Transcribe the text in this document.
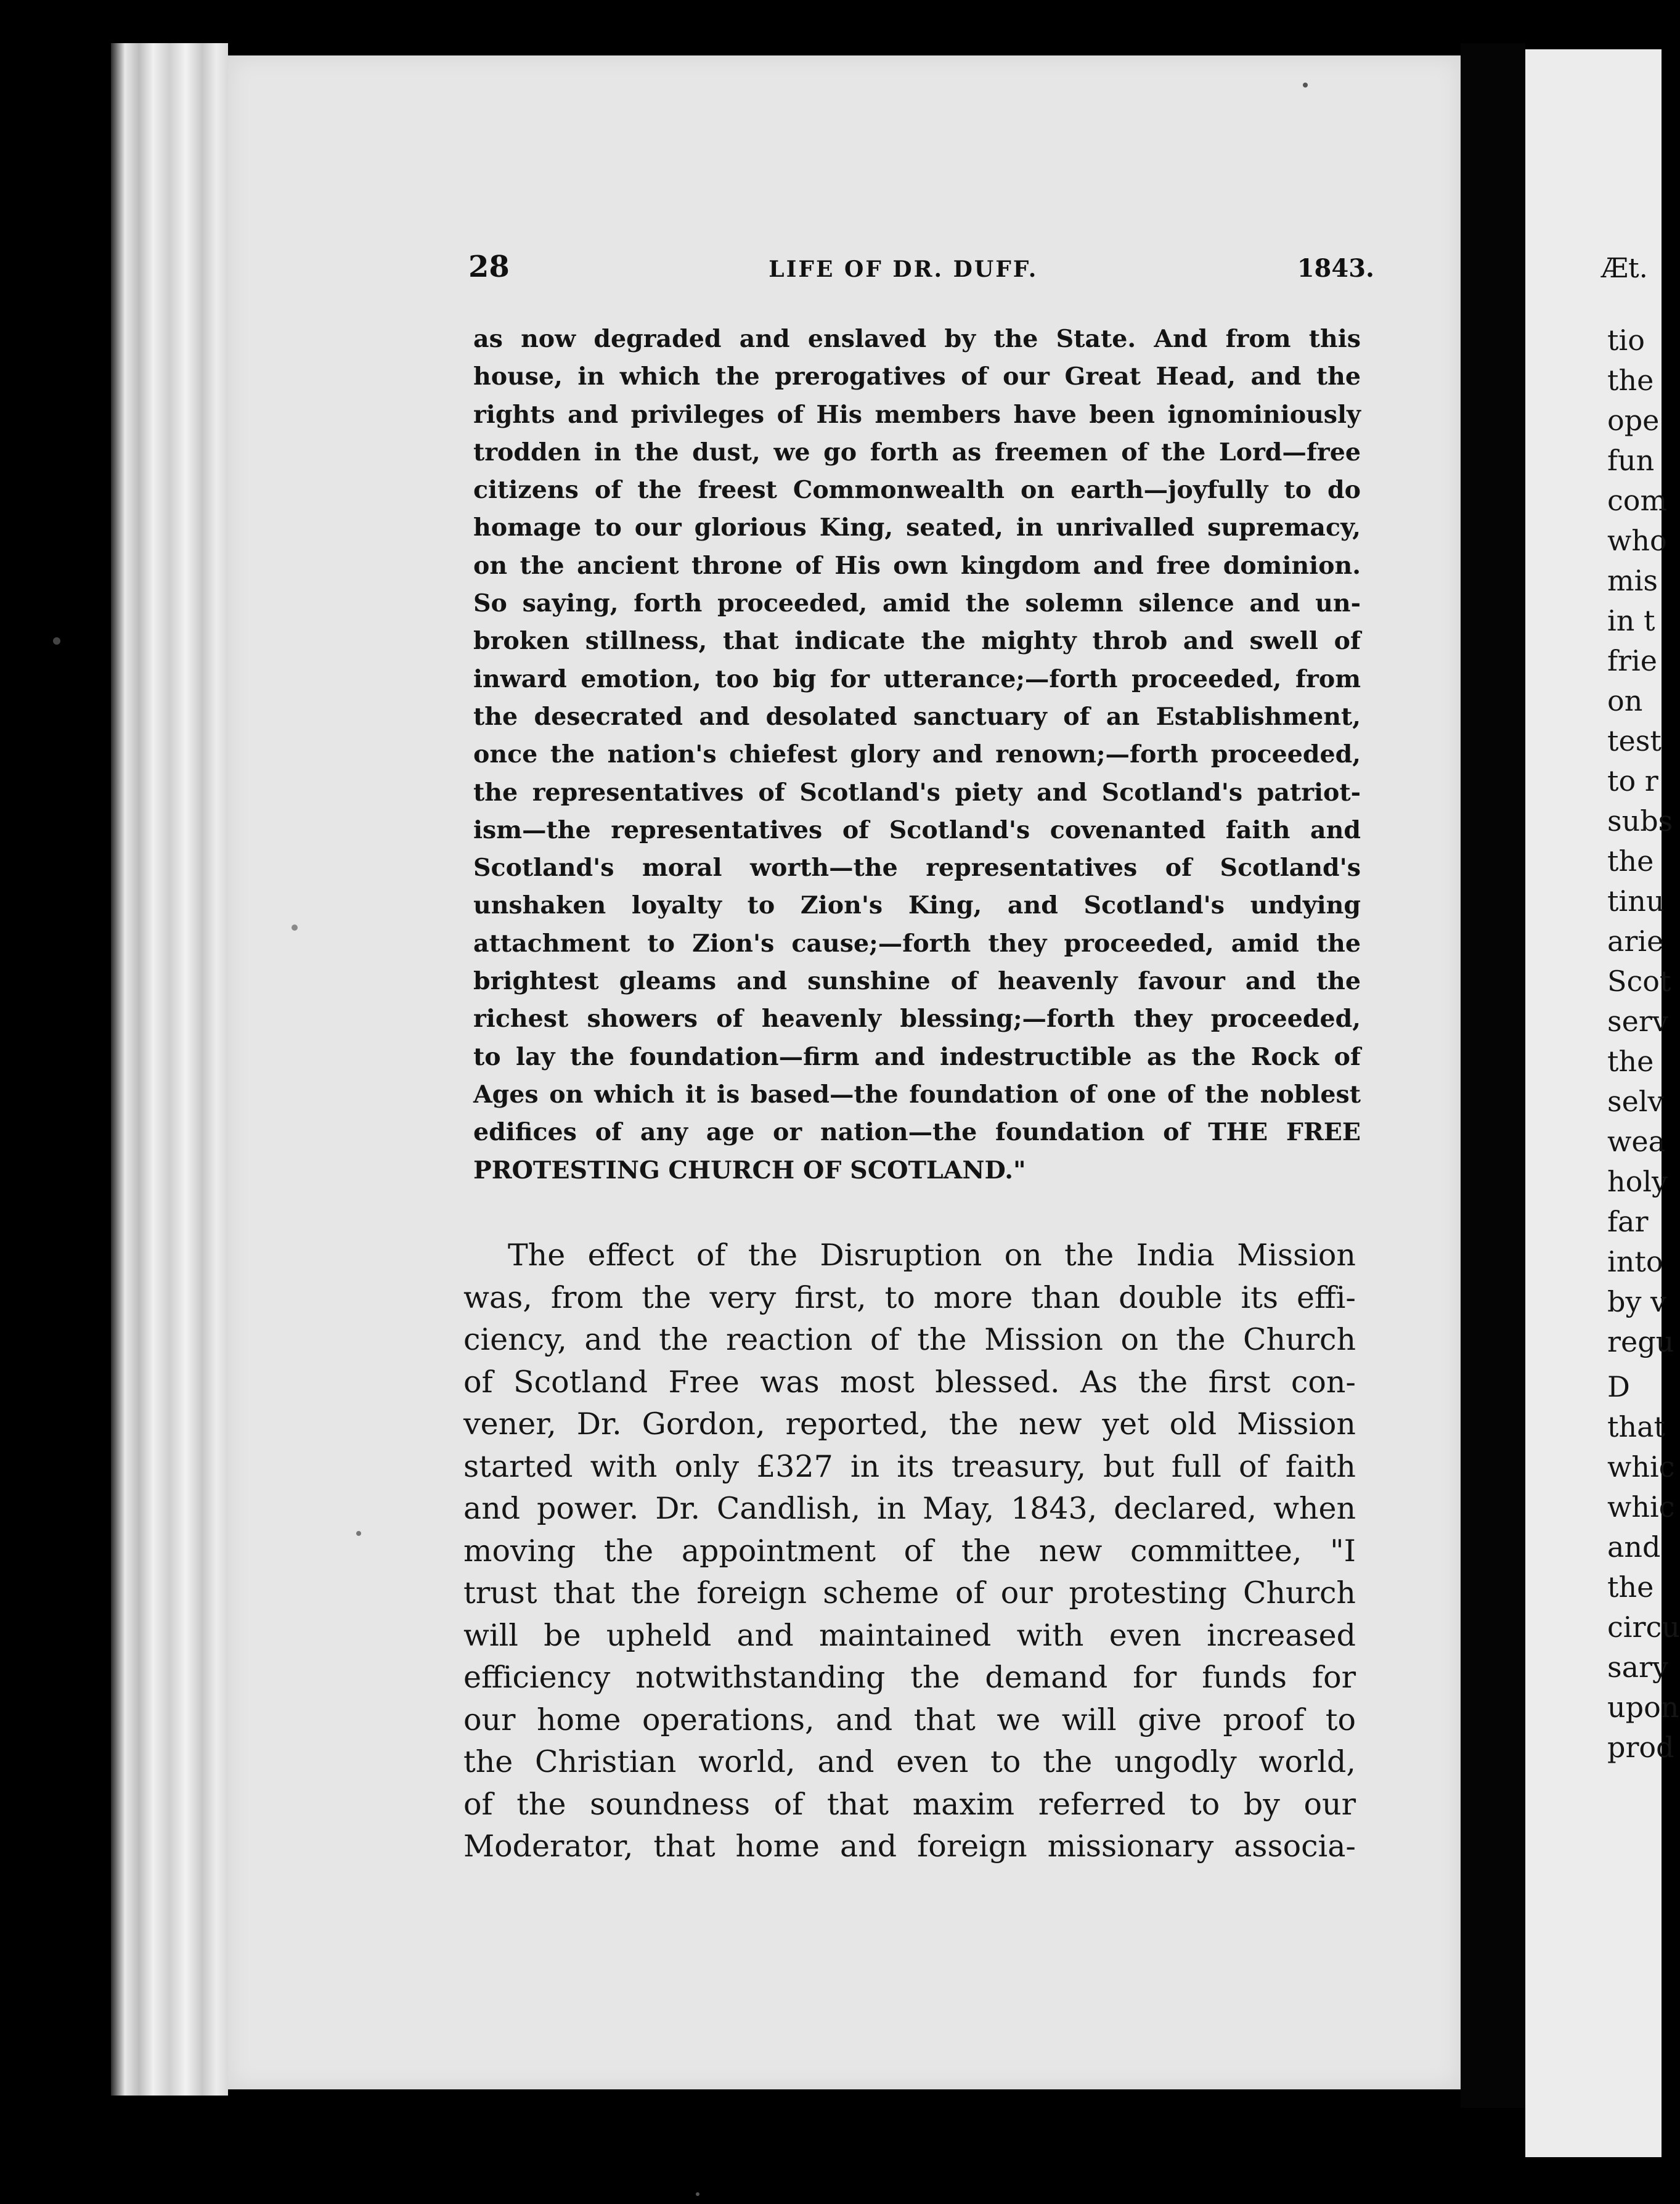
28	LIFE OF DR. DUFF.	1843.
as now degraded and enslaved by the State. And from this
house, in which the prerogatives of our Great Head, and the
rights and privileges of His members have been ignominiously
trodden in the dust, we go forth as freemen of the Lord—free
citizens of the freest Commonwealth on earth—joyfully to do
homage to our glorious King, seated, in unrivalled supremacy,
on the ancient throne of His own kingdom and free dominion.
So saying, forth proceeded, amid the solemn silence and un-
broken stillness, that indicate the mighty throb and swell of
inward emotion, too big for utterance;—forth proceeded, from
the desecrated and desolated sanctuary of an Establishment,
once the nation's chiefest glory and renown;—forth proceeded,
the representatives of Scotland's piety and Scotland's patriot-
ism—the representatives of Scotland's covenanted faith and
Scotland's moral worth—the representatives of Scotland's
unshaken loyalty to Zion's King, and Scotland's undying
attachment to Zion's cause;—forth they proceeded, amid the
brightest gleams and sunshine of heavenly favour and the
richest showers of heavenly blessing;—forth they proceeded,
to lay the foundation—firm and indestructible as the Rock of
Ages on which it is based—the foundation of one of the noblest
edifices of any age or nation—the foundation of THE FREE
PROTESTING CHURCH OF SCOTLAND."
The effect of the Disruption on the India Mission
was, from the very first, to more than double its effi-
ciency, and the reaction of the Mission on the Church
of Scotland Free was most blessed. As the first con-
vener, Dr. Gordon, reported, the new yet old Mission
started with only £327 in its treasury, but full of faith
and power. Dr. Candlish, in May, 1843, declared, when
moving the appointment of the new committee, "I
trust that the foreign scheme of our protesting Church
will be upheld and maintained with even increased
efficiency notwithstanding the demand for funds for
our home operations, and that we will give proof to
the Christian world, and even to the ungodly world,
of the soundness of that maxim referred to by our
Moderator, that home and foreign missionary associa-
Æt.
tio
the
ope
fun
com
who
mis
in t
frie
on
test
to r
subs
the
tinu
arie
Scot
serv
the
selv
wea
holy
far
into
by v
regu
D
that
whic
whic
and
the
circu
sary
upon
prod
